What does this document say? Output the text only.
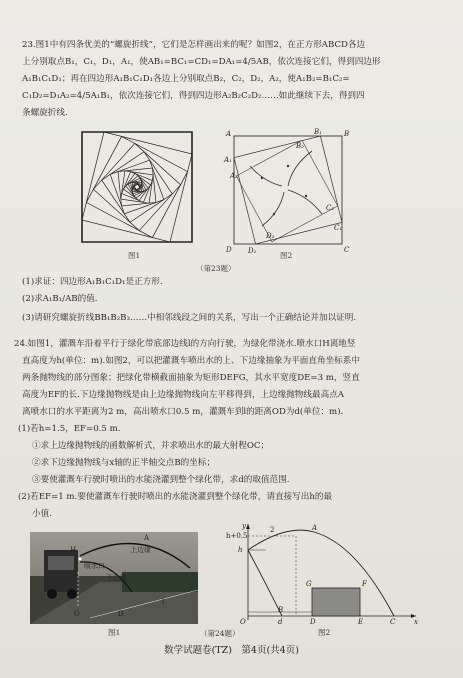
23.图1中有四条优美的“螺旋折线”，它们是怎样画出来的呢？如图2，在正方形ABCD各边
上分别取点B₁，C₁，D₁，A₁，使AB₁=BC₁=CD₁=DA₁=4/5AB，依次连接它们，得到四边形
A₁B₁C₁D₁；再在四边形A₁B₁C₁D₁各边上分别取点B₂，C₂，D₂，A₂，使A₁B₂=B₁C₂=
C₁D₂=D₁A₂=4/5A₁B₁，依次连接它们，得到四边形A₂B₂C₂D₂……如此继续下去，得到四
条螺旋折线.
图1
A	B
C
D
A₁
B₁
C₁
D₁
A₂
B₂
C₂
D₂
图2
（第23题）
(1)求证：四边形A₁B₁C₁D₁是正方形.
(2)求A₁B₁/AB的值.
(3)请研究螺旋折线BB₁B₂B₃……中相邻线段之间的关系，写出一个正确结论并加以证明.
24.如图1，灌溉车沿着平行于绿化带底部边线l的方向行驶，为绿化带浇水.喷水口H离地竖
直高度为h(单位：m).如图2，可以把灌溉车喷出水的上、下边缘抽象为平面直角坐标系中
两条抛物线的部分图象；把绿化带横截面抽象为矩形DEFG，其水平宽度DE=3 m，竖直
高度为EF的长.下边缘抛物线是由上边缘抛物线向左平移得到，上边缘抛物线最高点A
离喷水口的水平距离为2 m，高出喷水口0.5 m，灌溉车到l的距离OD为d(单位：m).
(1)若h=1.5，EF=0.5 m.
①求上边缘抛物线的函数解析式，并求喷出水的最大射程OC；
②求下边缘抛物线与x轴的正半轴交点B的坐标；
③要使灌溉车行驶时喷出的水能浇灌到整个绿化带，求d的取值范围.
(2)若EF=1 m.要使灌溉车行驶时喷出的水能浇灌到整个绿化带，请直接写出h的最
小值.
A
H	上边缘
喷水口
下边缘
O	D
l
图1
y
x
A
h+0.5
h
2
G	F
B
O	D	E	C
d
图2
（第24题）
数学试题卷(TZ)　第4页(共4页)
